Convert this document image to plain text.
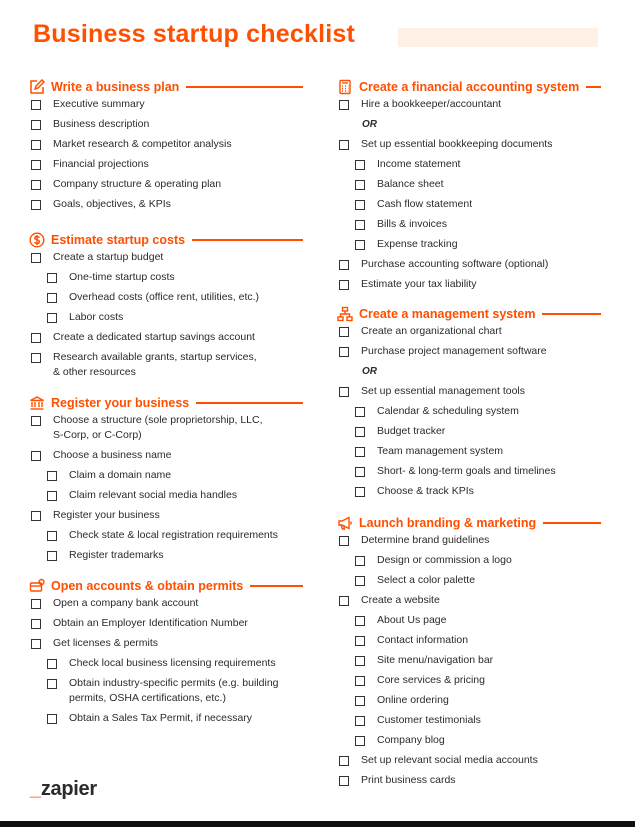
Business startup checklist
Write a business plan
Executive summary
Business description
Market research & competitor analysis
Financial projections
Company structure & operating plan
Goals, objectives, & KPIs
Estimate startup costs
Create a startup budget
One-time startup costs
Overhead costs (office rent, utilities, etc.)
Labor costs
Create a dedicated startup savings account
Research available grants, startup services,
& other resources
Register your business
Choose a structure (sole proprietorship, LLC,
S-Corp, or C-Corp)
Choose a business name
Claim a domain name
Claim relevant social media handles
Register your business
Check state & local registration requirements
Register trademarks
Open accounts & obtain permits
Open a company bank account
Obtain an Employer Identification Number
Get licenses & permits
Check local business licensing requirements
Obtain industry-specific permits (e.g. building
permits, OSHA certifications, etc.)
Obtain a Sales Tax Permit, if necessary
Create a financial accounting system
Hire a bookkeeper/accountant
OR
Set up essential bookkeeping documents
Income statement
Balance sheet
Cash flow statement
Bills & invoices
Expense tracking
Purchase accounting software (optional)
Estimate your tax liability
Create a management system
Create an organizational chart
Purchase project management software
OR
Set up essential management tools
Calendar & scheduling system
Budget tracker
Team management system
Short- & long-term goals and timelines
Choose & track KPIs
Launch branding & marketing
Determine brand guidelines
Design or commission a logo
Select a color palette
Create a website
About Us page
Contact information
Site menu/navigation bar
Core services & pricing
Online ordering
Customer testimonials
Company blog
Set up relevant social media accounts
Print business cards
_zapier
